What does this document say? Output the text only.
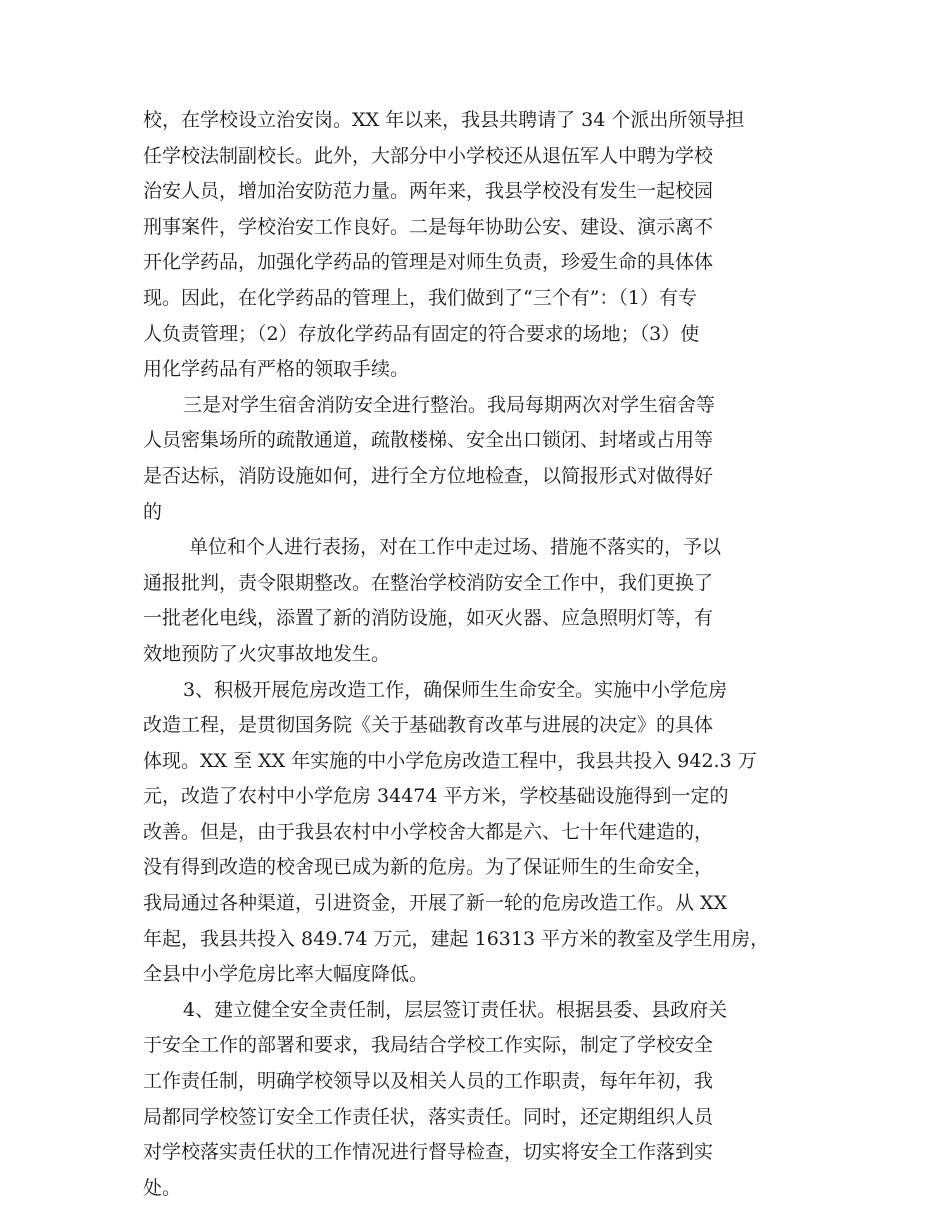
校，在学校设立治安岗。XX 年以来，我县共聘请了 34 个派出所领导担
任学校法制副校长。此外，大部分中小学校还从退伍军人中聘为学校
治安人员，增加治安防范力量。两年来，我县学校没有发生一起校园
刑事案件，学校治安工作良好。二是每年协助公安、建设、演示离不
开化学药品，加强化学药品的管理是对师生负责，珍爱生命的具体体
现。因此，在化学药品的管理上，我们做到了“三个有”：（1）有专
人负责管理；（2）存放化学药品有固定的符合要求的场地；（3）使
用化学药品有严格的领取手续。
三是对学生宿舍消防安全进行整治。我局每期两次对学生宿舍等
人员密集场所的疏散通道，疏散楼梯、安全出口锁闭、封堵或占用等
是否达标，消防设施如何，进行全方位地检查，以简报形式对做得好
的
单位和个人进行表扬，对在工作中走过场、措施不落实的，予以
通报批判，责令限期整改。在整治学校消防安全工作中，我们更换了
一批老化电线，添置了新的消防设施，如灭火器、应急照明灯等，有
效地预防了火灾事故地发生。
3、积极开展危房改造工作，确保师生生命安全。实施中小学危房
改造工程，是贯彻国务院《关于基础教育改革与进展的决定》的具体
体现。XX 至 XX 年实施的中小学危房改造工程中，我县共投入 942.3 万
元，改造了农村中小学危房 34474 平方米，学校基础设施得到一定的
改善。但是，由于我县农村中小学校舍大都是六、七十年代建造的，
没有得到改造的校舍现已成为新的危房。为了保证师生的生命安全，
我局通过各种渠道，引进资金，开展了新一轮的危房改造工作。从 XX
年起，我县共投入 849.74 万元，建起 16313 平方米的教室及学生用房，
全县中小学危房比率大幅度降低。
4、建立健全安全责任制，层层签订责任状。根据县委、县政府关
于安全工作的部署和要求，我局结合学校工作实际，制定了学校安全
工作责任制，明确学校领导以及相关人员的工作职责，每年年初，我
局都同学校签订安全工作责任状，落实责任。同时，还定期组织人员
对学校落实责任状的工作情况进行督导检查，切实将安全工作落到实
处。
